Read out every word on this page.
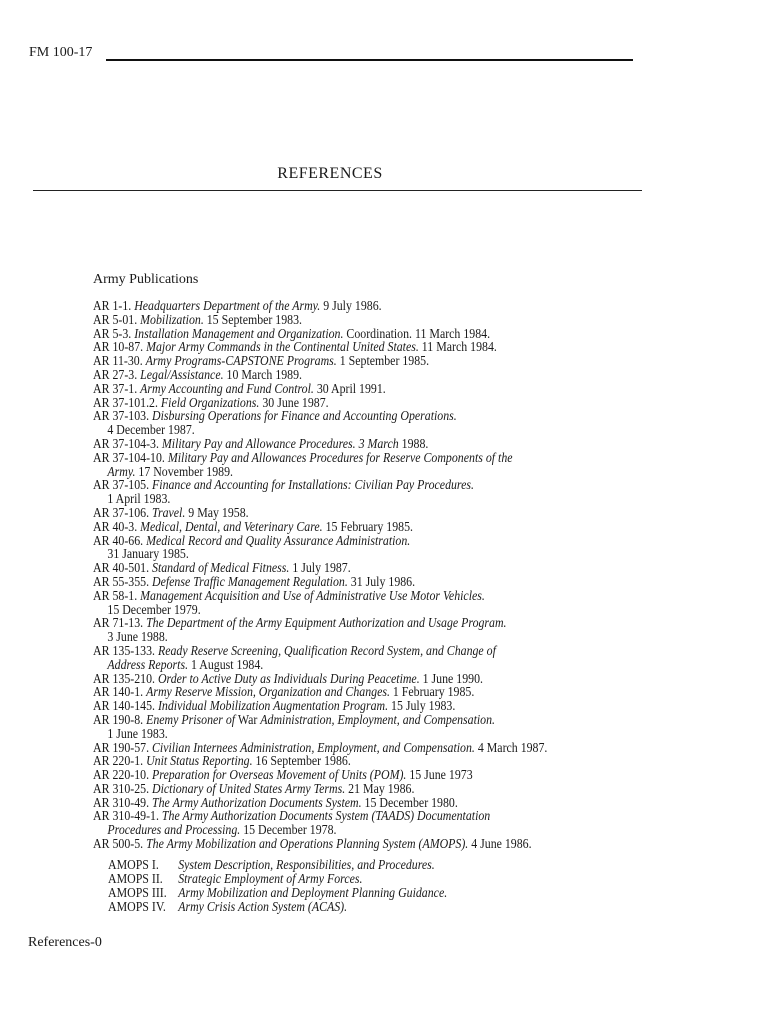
FM 100-17
REFERENCES
Army Publications
AR 1-1. Headquarters Department of the Army. 9 July 1986.
AR 5-01. Mobilization. 15 September 1983.
AR 5-3. Installation Management and Organization. Coordination. 11 March 1984.
AR 10-87. Major Army Commands in the Continental United States. 11 March 1984.
AR 11-30. Army Programs-CAPSTONE Programs. 1 September 1985.
AR 27-3. Legal/Assistance. 10 March 1989.
AR 37-1. Army Accounting and Fund Control. 30 April 1991.
AR 37-101.2. Field Organizations. 30 June 1987.
AR 37-103. Disbursing Operations for Finance and Accounting Operations.
4 December 1987.
AR 37-104-3. Military Pay and Allowance Procedures. 3 March 1988.
AR 37-104-10. Military Pay and Allowances Procedures for Reserve Components of the
Army. 17 November 1989.
AR 37-105. Finance and Accounting for Installations: Civilian Pay Procedures.
1 April 1983.
AR 37-106. Travel. 9 May 1958.
AR 40-3. Medical, Dental, and Veterinary Care. 15 February 1985.
AR 40-66. Medical Record and Quality Assurance Administration.
31 January 1985.
AR 40-501. Standard of Medical Fitness. 1 July 1987.
AR 55-355. Defense Traffic Management Regulation. 31 July 1986.
AR 58-1. Management Acquisition and Use of Administrative Use Motor Vehicles.
15 December 1979.
AR 71-13. The Department of the Army Equipment Authorization and Usage Program.
3 June 1988.
AR 135-133. Ready Reserve Screening, Qualification Record System, and Change of
Address Reports. 1 August 1984.
AR 135-210. Order to Active Duty as Individuals During Peacetime. 1 June 1990.
AR 140-1. Army Reserve Mission, Organization and Changes. 1 February 1985.
AR 140-145. Individual Mobilization Augmentation Program. 15 July 1983.
AR 190-8. Enemy Prisoner of War Administration, Employment, and Compensation.
1 June 1983.
AR 190-57. Civilian Internees Administration, Employment, and Compensation. 4 March 1987.
AR 220-1. Unit Status Reporting. 16 September 1986.
AR 220-10. Preparation for Overseas Movement of Units (POM). 15 June 1973
AR 310-25. Dictionary of United States Army Terms. 21 May 1986.
AR 310-49. The Army Authorization Documents System. 15 December 1980.
AR 310-49-1. The Army Authorization Documents System (TAADS) Documentation
Procedures and Processing. 15 December 1978.
AR 500-5. The Army Mobilization and Operations Planning System (AMOPS). 4 June 1986.
AMOPS I. System Description, Responsibilities, and Procedures.
AMOPS II. Strategic Employment of Army Forces.
AMOPS III. Army Mobilization and Deployment Planning Guidance.
AMOPS IV. Army Crisis Action System (ACAS).
References-0
